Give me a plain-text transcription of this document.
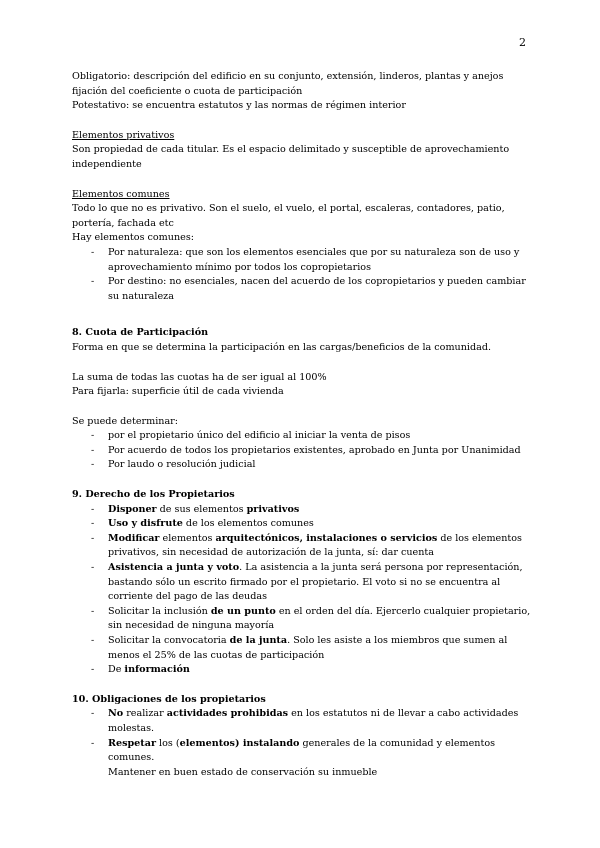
2

Obligatorio: descripción del edificio en su conjunto, extensión, linderos, plantas y anejos

fijación del coeficiente o cuota de participación

Potestativo: se encuentra estatutos y las normas de régimen interior

Elementos privativos

Son propiedad de cada titular. Es el espacio delimitado y susceptible de aprovechamiento independiente

Elementos comunes

Todo lo que no es privativo. Son el suelo, el vuelo, el portal, escaleras, contadores, patio, portería, fachada etc

Hay elementos comunes:

- Por naturaleza: que son los elementos esenciales que por su naturaleza son de uso y aprovechamiento mínimo por todos los copropietarios
- Por destino: no esenciales, nacen del acuerdo de los copropietarios y pueden cambiar su naturaleza

8. Cuota de Participación

Forma en que se determina la participación en las cargas/beneficios de la comunidad.

La suma de todas las cuotas ha de ser igual al 100%

Para fijarla: superficie útil de cada vivienda

Se puede determinar:

- por el propietario único del edificio al iniciar la venta de pisos
- Por acuerdo de todos los propietarios existentes, aprobado en Junta por Unanimidad
- Por laudo o resolución judicial

9. Derecho de los Propietarios

- Disponer de sus elementos privativos
- Uso y disfrute de los elementos comunes
- Modificar elementos arquitectónicos, instalaciones o servicios de los elementos privativos, sin necesidad de autorización de la junta, sí: dar cuenta
- Asistencia a junta y voto. La asistencia a la junta será persona por representación, bastando sólo un escrito firmado por el propietario. El voto si no se encuentra al corriente del pago de las deudas
- Solicitar la inclusión de un punto en el orden del día. Ejercerlo cualquier propietario, sin necesidad de ninguna mayoría
- Solicitar la convocatoria de la junta. Solo les asiste a los miembros que sumen al menos el 25% de las cuotas de participación
- De información

10. Obligaciones de los propietarios

- No realizar actividades prohibidas en los estatutos ni de llevar a cabo actividades molestas.
- Respetar los (elementos) instalando generales de la comunidad y elementos comunes.
Mantener en buen estado de conservación su inmueble
